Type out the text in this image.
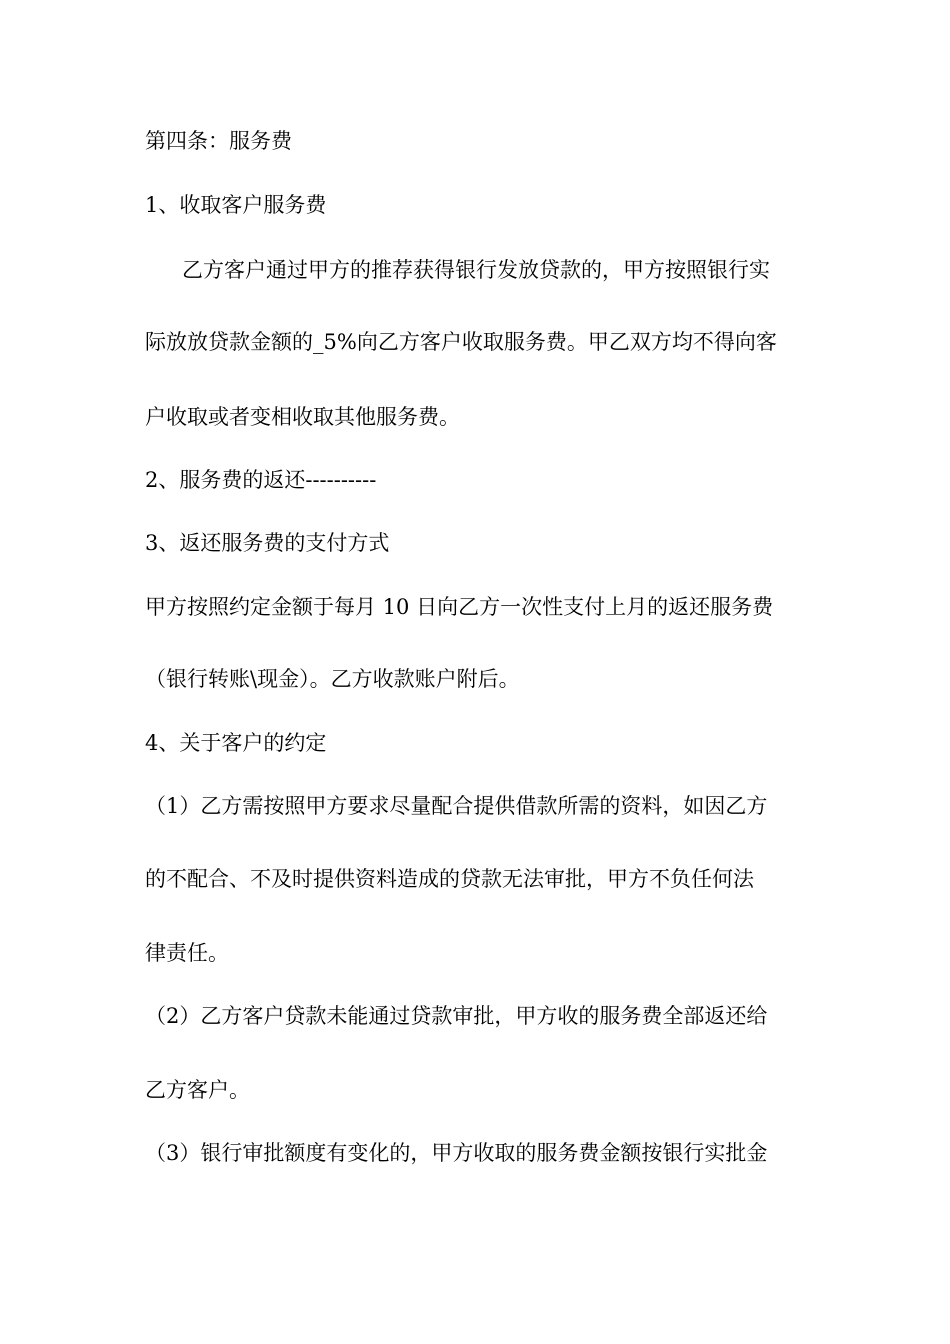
第四条：服务费
1、收取客户服务费
乙方客户通过甲方的推荐获得银行发放贷款的，甲方按照银行实
际放放贷款金额的_5%向乙方客户收取服务费。甲乙双方均不得向客
户收取或者变相收取其他服务费。
2、服务费的返还----------
3、返还服务费的支付方式
甲方按照约定金额于每月 10 日向乙方一次性支付上月的返还服务费
（银行转账\现金）。乙方收款账户附后。
4、关于客户的约定
（1）乙方需按照甲方要求尽量配合提供借款所需的资料，如因乙方
的不配合、不及时提供资料造成的贷款无法审批，甲方不负任何法
律责任。
（2）乙方客户贷款未能通过贷款审批，甲方收的服务费全部返还给
乙方客户。
（3）银行审批额度有变化的，甲方收取的服务费金额按银行实批金
